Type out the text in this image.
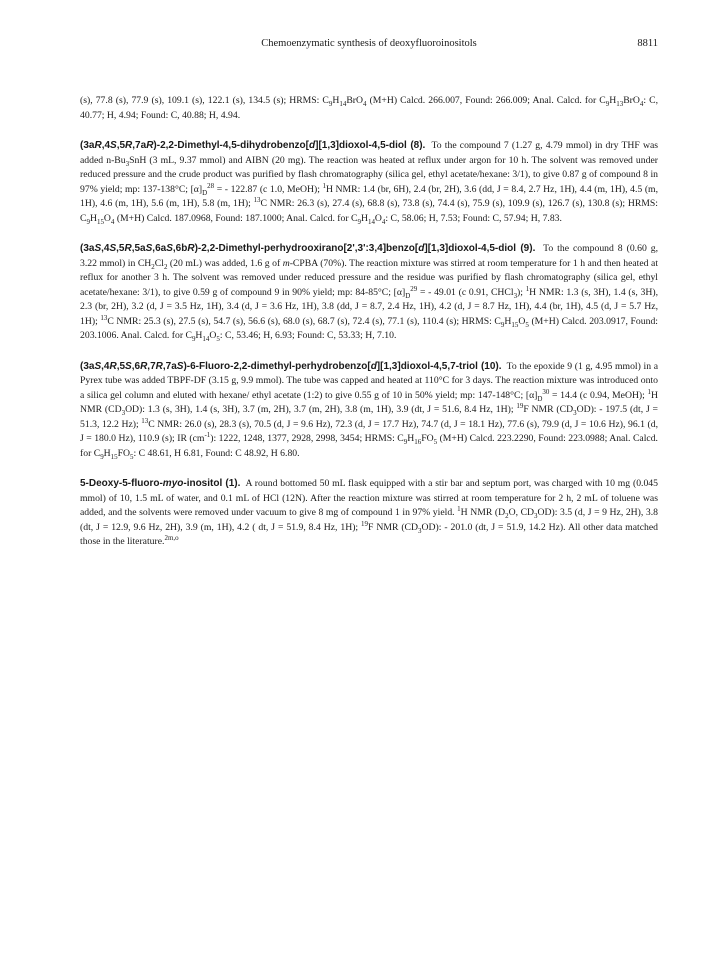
Chemoenzymatic synthesis of deoxyfluoroinositols	8811

(s), 77.8 (s), 77.9 (s), 109.1 (s), 122.1 (s), 134.5 (s); HRMS: $C_9H_{14}BrO_4$ (M+H) Calcd. 266.007, Found: 266.009; Anal. Calcd. for $C_9H_{13}BrO_4$: C, 40.77; H, 4.94; Found: C, 40.88; H, 4.94.

(3aR,4S,5R,7aR)-2,2-Dimethyl-4,5-dihydrobenzo[d][1,3]dioxol-4,5-diol (8). To the compound 7 (1.27 g, 4.79 mmol) in dry THF was added $n-Bu_3SnH$ (3 mL, 9.37 mmol) and AIBN (20 mg). The reaction was heated at reflux under argon for 10 h. The solvent was removed under reduced pressure and the crude product was purified by flash chromatography (silica gel, ethyl acetate/hexane: 3/1), to give 0.87 g of compound 8 in 97% yield; mp: 137-138°C; $[\alpha]_D^{28}$ = - 122.87 (c 1.0, MeOH); $^1$H NMR: 1.4 (br, 6H), 2.4 (br, 2H), 3.6 (dd, J = 8.4, 2.7 Hz, 1H), 4.4 (m, 1H), 4.5 (m, 1H), 4.6 (m, 1H), 5.6 (m, 1H), 5.8 (m, 1H); $^{13}$C NMR: 26.3 (s), 27.4 (s), 68.8 (s), 73.8 (s), 74.4 (s), 75.9 (s), 109.9 (s), 126.7 (s), 130.8 (s); HRMS: $C_9H_{15}O_4$ (M+H) Calcd. 187.0968, Found: 187.1000; Anal. Calcd. for $C_9H_{14}O_4$: C, 58.06; H, 7.53; Found: C, 57.94; H, 7.83.

(3aS,4S,5R,5aS,6aS,6bR)-2,2-Dimethyl-perhydrooxirano[2',3':3,4]benzo[d][1,3]dioxol-4,5-diol (9). To the compound 8 (0.60 g, 3.22 mmol) in $CH_2Cl_2$ (20 mL) was added, 1.6 g of m-CPBA (70%). The reaction mixture was stirred at room temperature for 1 h and then heated at reflux for another 3 h. The solvent was removed under reduced pressure and the residue was purified by flash chromatography (silica gel, ethyl acetate/hexane: 3/1), to give 0.59 g of compound 9 in 90% yield; mp: 84-85°C; $[\alpha]_D^{29}$ = - 49.01 (c 0.91, CHCl$_3$); $^1$H NMR: 1.3 (s, 3H), 1.4 (s, 3H), 2.3 (br, 2H), 3.2 (d, J = 3.5 Hz, 1H), 3.4 (d, J = 3.6 Hz, 1H), 3.8 (dd, J = 8.7, 2.4 Hz, 1H), 4.2 (d, J = 8.7 Hz, 1H), 4.4 (br, 1H), 4.5 (d, J = 5.7 Hz, 1H); $^{13}$C NMR: 25.3 (s), 27.5 (s), 54.7 (s), 56.6 (s), 68.0 (s), 68.7 (s), 72.4 (s), 77.1 (s), 110.4 (s); HRMS: $C_9H_{15}O_5$ (M+H) Calcd. 203.0917, Found: 203.1006. Anal. Calcd. for $C_9H_{14}O_5$: C, 53.46; H, 6.93; Found: C, 53.33; H, 7.10.

(3aS,4R,5S,6R,7R,7aS)-6-Fluoro-2,2-dimethyl-perhydrobenzo[d][1,3]dioxol-4,5,7-triol (10). To the epoxide 9 (1 g, 4.95 mmol) in a Pyrex tube was added TBPF-DF (3.15 g, 9.9 mmol). The tube was capped and heated at 110°C for 3 days. The reaction mixture was introduced onto a silica gel column and eluted with hexane/ ethyl acetate (1:2) to give 0.55 g of 10 in 50% yield; mp: 147-148°C; $[\alpha]_D^{30} = 14.4$ (c 0.94, MeOH); $^1$H NMR $(CD_3OD)$: 1.3 (s, 3H), 1.4 (s, 3H), 3.7 (m, 2H), 3.7 (m, 2H), 3.8 (m, 1H), 3.9 (dt, J = 51.6, 8.4 Hz, 1H); $^{19}$F NMR $(CD_3OD)$: - 197.5 (dt, J = 51.3, 12.2 Hz); $^{13}$C NMR: 26.0 (s), 28.3 (s), 70.5 (d, J = 9.6 Hz), 72.3 (d, J = 17.7 Hz), 74.7 (d, J = 18.1 Hz), 77.6 (s), 79.9 (d, J = 10.6 Hz), 96.1 (d, J = 180.0 Hz), 110.9 (s); IR $(cm^{-1})$: 1222, 1248, 1377, 2928, 2998, 3454; HRMS: $C_9H_{16}FO_5$ (M+H) Calcd. 223.2290, Found: 223.0988; Anal. Calcd. for $C_9H_{15}FO_5$: C 48.61, H 6.81, Found: C 48.92, H 6.80.

5-Deoxy-5-fluoro-myo-inositol (1). A round bottomed 50 mL flask equipped with a stir bar and septum port, was charged with 10 mg (0.045 mmol) of 10, 1.5 mL of water, and 0.1 mL of HCl (12N). After the reaction mixture was stirred at room temperature for 2 h, 2 mL of toluene was added, and the solvents were removed under vacuum to give 8 mg of compound 1 in 97% yield. $^1$H NMR ($D_2O$, $CD_3OD$): 3.5 (d, J = 9 Hz, 2H), 3.8 (dt, J = 12.9, 9.6 Hz, 2H), 3.9 (m, 1H), 4.2 ( dt, J = 51.9, 8.4 Hz, 1H); $^{19}$F NMR $(CD_3OD)$: - 201.0 (dt, J = 51.9, 14.2 Hz). All other data matched those in the literature.$^{2m,o}$
